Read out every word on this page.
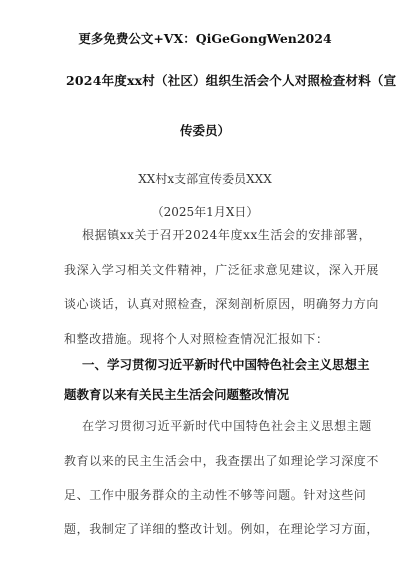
更多免费公文+VX：QiGeGongWen2024
2024年度xx村（社区）组织生活会个人对照检查材料（宣
传委员）
XX村x支部宣传委员XXX
（2025年1月X日）
根据镇xx关于召开2024年度xx生活会的安排部署，
我深入学习相关文件精神，广泛征求意见建议，深入开展
谈心谈话，认真对照检查，深刻剖析原因，明确努力方向
和整改措施。现将个人对照检查情况汇报如下：
一、学习贯彻习近平新时代中国特色社会主义思想主
题教育以来有关民主生活会问题整改情况
在学习贯彻习近平新时代中国特色社会主义思想主题
教育以来的民主生活会中，我查摆出了如理论学习深度不
足、工作中服务群众的主动性不够等问题。针对这些问
题，我制定了详细的整改计划。例如，在理论学习方面，
